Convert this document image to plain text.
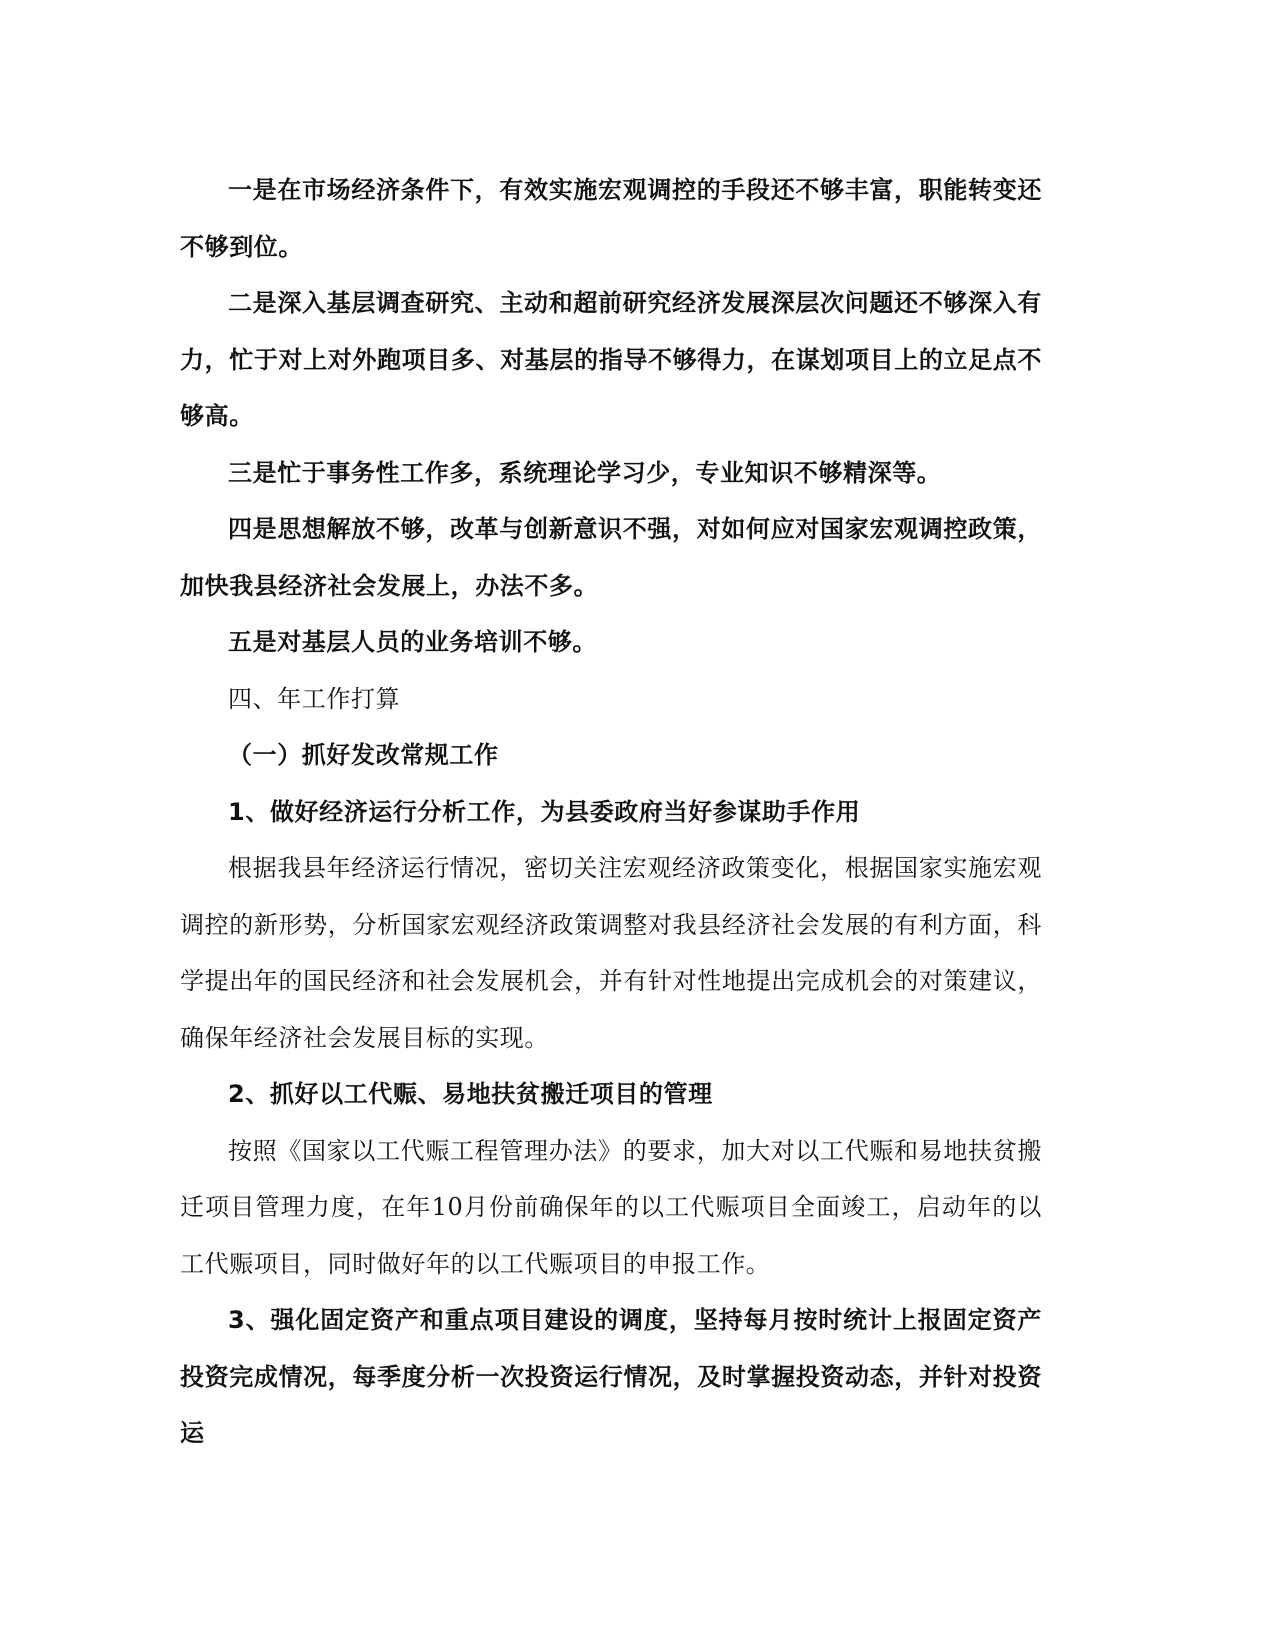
一是在市场经济条件下，有效实施宏观调控的手段还不够丰富，职能转变还不够到位。

二是深入基层调查研究、主动和超前研究经济发展深层次问题还不够深入有力，忙于对上对外跑项目多、对基层的指导不够得力，在谋划项目上的立足点不够高。

三是忙于事务性工作多，系统理论学习少，专业知识不够精深等。

四是思想解放不够，改革与创新意识不强，对如何应对国家宏观调控政策，加快我县经济社会发展上，办法不多。

五是对基层人员的业务培训不够。

四、年工作打算

（一）抓好发改常规工作

1、做好经济运行分析工作，为县委政府当好参谋助手作用

根据我县年经济运行情况，密切关注宏观经济政策变化，根据国家实施宏观调控的新形势，分析国家宏观经济政策调整对我县经济社会发展的有利方面，科学提出年的国民经济和社会发展机会，并有针对性地提出完成机会的对策建议，确保年经济社会发展目标的实现。

2、抓好以工代赈、易地扶贫搬迁项目的管理

按照《国家以工代赈工程管理办法》的要求，加大对以工代赈和易地扶贫搬迁项目管理力度，在年10月份前确保年的以工代赈项目全面竣工，启动年的以工代赈项目，同时做好年的以工代赈项目的申报工作。

3、强化固定资产和重点项目建设的调度，坚持每月按时统计上报固定资产投资完成情况，每季度分析一次投资运行情况，及时掌握投资动态，并针对投资运
